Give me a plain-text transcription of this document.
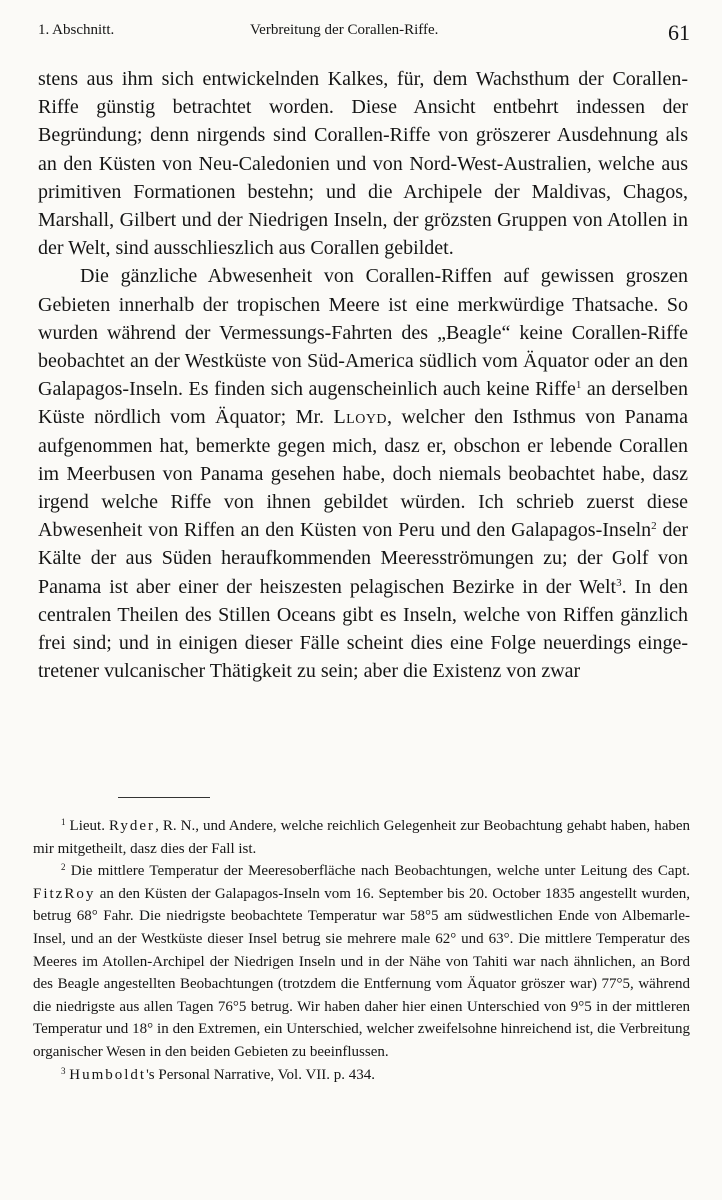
1. Abschnitt.	Verbreitung der Corallen-Riffe.	61

stens aus ihm sich entwickelnden Kalkes, für, dem Wachsthum der Corallen-Riffe günstig betrachtet worden. Diese Ansicht entbehrt indessen der Begründung; denn nirgends sind Corallen-Riffe von gröszerer Ausdehnung als an den Küsten von Neu-Caledonien und von Nord-West-Australien, welche aus primitiven Formationen bestehn; und die Archipele der Maldivas, Chagos, Marshall, Gilbert und der Niedrigen Inseln, der grözsten Gruppen von Atollen in der Welt, sind ausschlieszlich aus Corallen gebildet.

Die gänzliche Abwesenheit von Corallen-Riffen auf gewissen groszen Gebieten innerhalb der tropischen Meere ist eine merkwürdige Thatsache. So wurden während der Vermessungs-Fahrten des „Beagle“ keine Corallen-Riffe beobachtet an der Westküste von Süd-America südlich vom Äquator oder an den Galapagos-Inseln. Es finden sich augenscheinlich auch keine Riffe$^1$ an derselben Küste nördlich vom Äquator; Mr. Lloyd, welcher den Isthmus von Panama aufgenommen hat, bemerkte gegen mich, dasz er, obschon er lebende Corallen im Meerbusen von Panama gesehen habe, doch niemals beobachtet habe, dasz irgend welche Riffe von ihnen gebildet würden. Ich schrieb zuerst diese Abwesenheit von Riffen an den Küsten von Peru und den Galapagos-Inseln$^2$ der Kälte der aus Süden heraufkommenden Meeresströmungen zu; der Golf von Panama ist aber einer der heiszesten pelagischen Bezirke in der Welt$^3$. In den centralen Theilen des Stillen Oceans gibt es Inseln, welche von Riffen gänzlich frei sind; und in einigen dieser Fälle scheint dies eine Folge neuerdings eingetretener vulcanischer Thätigkeit zu sein; aber die Existenz von zwar

$^1$ Lieut. Ryder, R. N., und Andere, welche reichlich Gelegenheit zur Beobachtung gehabt haben, haben mir mitgetheilt, dasz dies der Fall ist.

$^2$ Die mittlere Temperatur der Meeresoberfläche nach Beobachtungen, welche unter Leitung des Capt. FitzRoy an den Küsten der Galapagos-Inseln vom 16. September bis 20. October 1835 angestellt wurden, betrug 68° Fahr. Die niedrigste beobachtete Temperatur war 58°5 am südwestlichen Ende von Albemarle-Insel, und an der Westküste dieser Insel betrug sie mehrere male 62° und 63°. Die mittlere Temperatur des Meeres im Atollen-Archipel der Niedrigen Inseln und in der Nähe von Tahiti war nach ähnlichen, an Bord des Beagle angestellten Beobachtungen (trotzdem die Entfernung vom Äquator gröszer war) 77°5, während die niedrigste aus allen Tagen 76°5 betrug. Wir haben daher hier einen Unterschied von 9°5 in der mittleren Temperatur und 18° in den Extremen, ein Unterschied, welcher zweifelsohne hinreichend ist, die Verbreitung organischer Wesen in den beiden Gebieten zu beeinflussen.

$^3$ Humboldt's Personal Narrative, Vol. VII. p. 434.
